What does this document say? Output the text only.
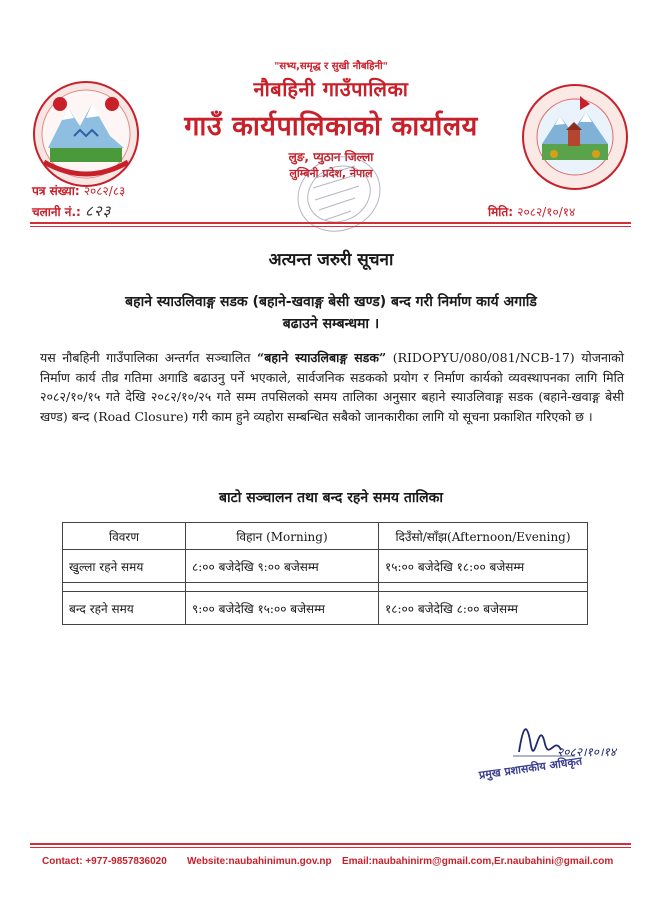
"सभ्य,समृद्ध र सुखी नौबहिनी"
नौबहिनी गाउँपालिका
गाउँ कार्यपालिकाको कार्यालय
लुङ, प्युठान जिल्ला
लुम्बिनी प्रदेश, नेपाल
पत्र संख्या: २०८२/८३
चलानी नं.: ८२३	मिति: २०८२/१०/१४
अत्यन्त जरुरी सूचना
बहाने स्याउलिवाङ्ग सडक (बहाने-खवाङ्ग बेसी खण्ड) बन्द गरी निर्माण कार्य अगाडि
बढाउने सम्बन्धमा ।
यस नौबहिनी गाउँपालिका अन्तर्गत सञ्चालित “बहाने स्याउलिबाङ्ग सडक” (RIDOPYU/080/081/NCB-17) योजनाको निर्माण कार्य तीव्र गतिमा अगाडि बढाउनु पर्ने भएकाले, सार्वजनिक सडकको प्रयोग र निर्माण कार्यको व्यवस्थापनका लागि मिति २०८२/१०/१५ गते देखि २०८२/१०/२५ गते सम्म तपसिलको समय तालिका अनुसार बहाने स्याउलिवाङ्ग सडक (बहाने-खवाङ्ग बेसी खण्ड) बन्द (Road Closure) गरी काम हुने व्यहोरा सम्बन्धित सबैको जानकारीका लागि यो सूचना प्रकाशित गरिएको छ ।
बाटो सञ्चालन तथा बन्द रहने समय तालिका
विवरण	विहान (Morning)	दिउँसो/साँझ(Afternoon/Evening)
खुल्ला रहने समय	८:०० बजेदेखि ९:०० बजेसम्म	१५:०० बजेदेखि १८:०० बजेसम्म

बन्द रहने समय	९:०० बजेदेखि १५:०० बजेसम्म	१८:०० बजेदेखि ८:०० बजेसम्म
२०८२।१०।१४
प्रमुख प्रशासकीय अधिकृत
Contact: +977-9857836020 Website:naubahinimun.gov.np Email:naubahinirm@gmail.com,Er.naubahini@gmail.com
